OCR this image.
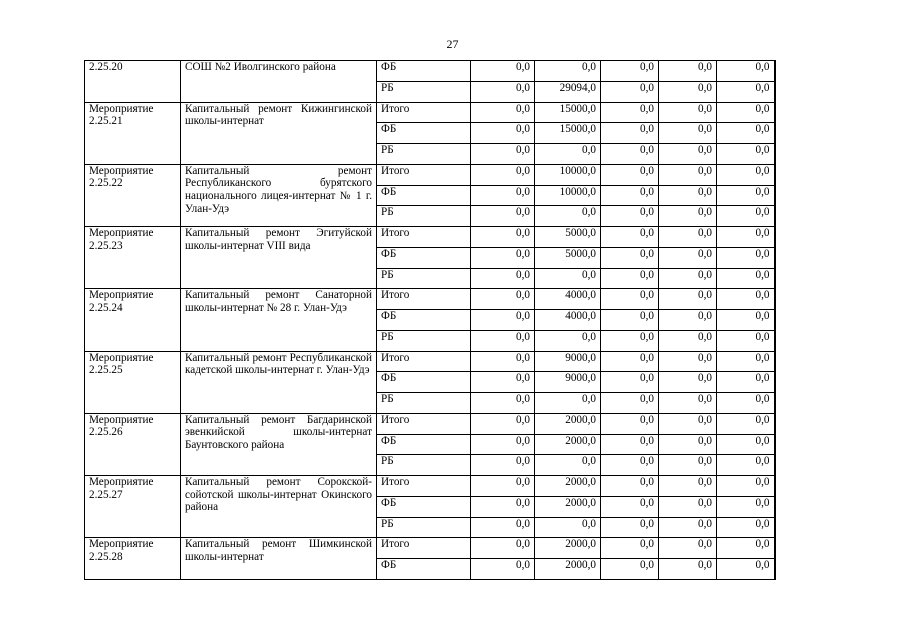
27
2.25.20	СОШ №2 Иволгинского района	ФБ	0,0	0,0	0,0	0,0	0,0
		РБ	0,0	29094,0	0,0	0,0	0,0
Мероприятие 2.25.21	Капитальный ремонт Кижингинской школы-интернат	Итого	0,0	15000,0	0,0	0,0	0,0
		ФБ	0,0	15000,0	0,0	0,0	0,0
		РБ	0,0	0,0	0,0	0,0	0,0
Мероприятие 2.25.22	Капитальный ремонт Республиканского бурятского национального лицея-интернат № 1 г. Улан-Удэ	Итого	0,0	10000,0	0,0	0,0	0,0
		ФБ	0,0	10000,0	0,0	0,0	0,0
		РБ	0,0	0,0	0,0	0,0	0,0
Мероприятие 2.25.23	Капитальный ремонт Эгитуйской школы-интернат VIII вида	Итого	0,0	5000,0	0,0	0,0	0,0
		ФБ	0,0	5000,0	0,0	0,0	0,0
		РБ	0,0	0,0	0,0	0,0	0,0
Мероприятие 2.25.24	Капитальный ремонт Санаторной школы-интернат № 28 г. Улан-Удэ	Итого	0,0	4000,0	0,0	0,0	0,0
		ФБ	0,0	4000,0	0,0	0,0	0,0
		РБ	0,0	0,0	0,0	0,0	0,0
Мероприятие 2.25.25	Капитальный ремонт Республиканской кадетской школы-интернат г. Улан-Удэ	Итого	0,0	9000,0	0,0	0,0	0,0
		ФБ	0,0	9000,0	0,0	0,0	0,0
		РБ	0,0	0,0	0,0	0,0	0,0
Мероприятие 2.25.26	Капитальный ремонт Багдаринской эвенкийской школы-интернат Баунтовского района	Итого	0,0	2000,0	0,0	0,0	0,0
		ФБ	0,0	2000,0	0,0	0,0	0,0
		РБ	0,0	0,0	0,0	0,0	0,0
Мероприятие 2.25.27	Капитальный ремонт Сорокской-сойотской школы-интернат Окинского района	Итого	0,0	2000,0	0,0	0,0	0,0
		ФБ	0,0	2000,0	0,0	0,0	0,0
		РБ	0,0	0,0	0,0	0,0	0,0
Мероприятие 2.25.28	Капитальный ремонт Шимкинской школы-интернат	Итого	0,0	2000,0	0,0	0,0	0,0
		ФБ	0,0	2000,0	0,0	0,0	0,0
